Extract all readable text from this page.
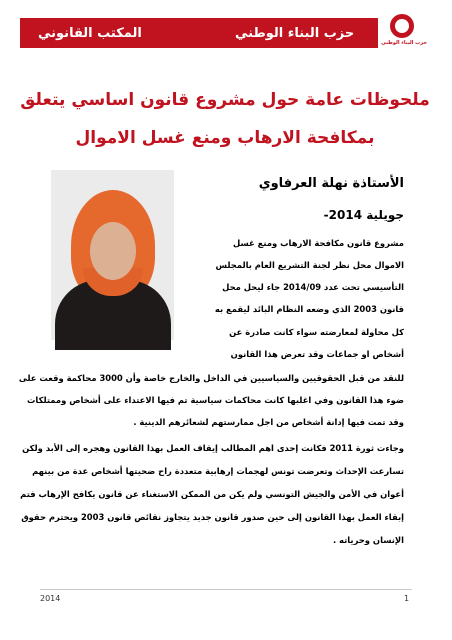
حزب البناء الوطني
المكتب القانوني
حزب البناء الوطني
ملحوظات عامة حول مشروع قانون اساسي يتعلق
بمكافحة الارهاب ومنع غسل الاموال
الأستاذة نهلة العرفاوي
جويلية 2014-
مشروع قانون مكافحة الارهاب ومنع غسل
الاموال محل نظر لجنة التشريع العام بالمجلس
التأسيسي تحت عدد 2014/09 جاء ليحل محل
قانون 2003 الذي وضعه النظام البائد ليقمع به
كل محاولة لمعارضته سواء كانت صادرة عن
أشخاص او جماعات وقد تعرض هذا القانون
للنقد من قبل الحقوقيين والسياسيين في الداخل والخارج خاصة وأن 3000 محاكمة وقعت على
ضوء هذا القانون وفي اغلبها كانت محاكمات سياسية تم فيها الاعتداء على أشخاص وممتلكات
وقد تمت فيها إدانة أشخاص من اجل ممارستهم لشعائرهم الدينية .
وجاءت ثورة 2011 فكانت إحدى اهم المطالب إيقاف العمل بهذا القانون وهجره إلى الأبد ولكن
تسارعت الإحداث وتعرضت تونس لهجمات إرهابية متعددة راح ضحيتها أشخاص عدة من بينهم
أعوان في الأمن والجيش التونسي ولم يكن من الممكن الاستغناء عن قانون يكافح الإرهاب فتم
إبقاء العمل بهذا القانون إلى حين صدور قانون جديد يتجاوز نقائص قانون 2003 ويحترم حقوق
الإنسان وحرياته .
2014	1
